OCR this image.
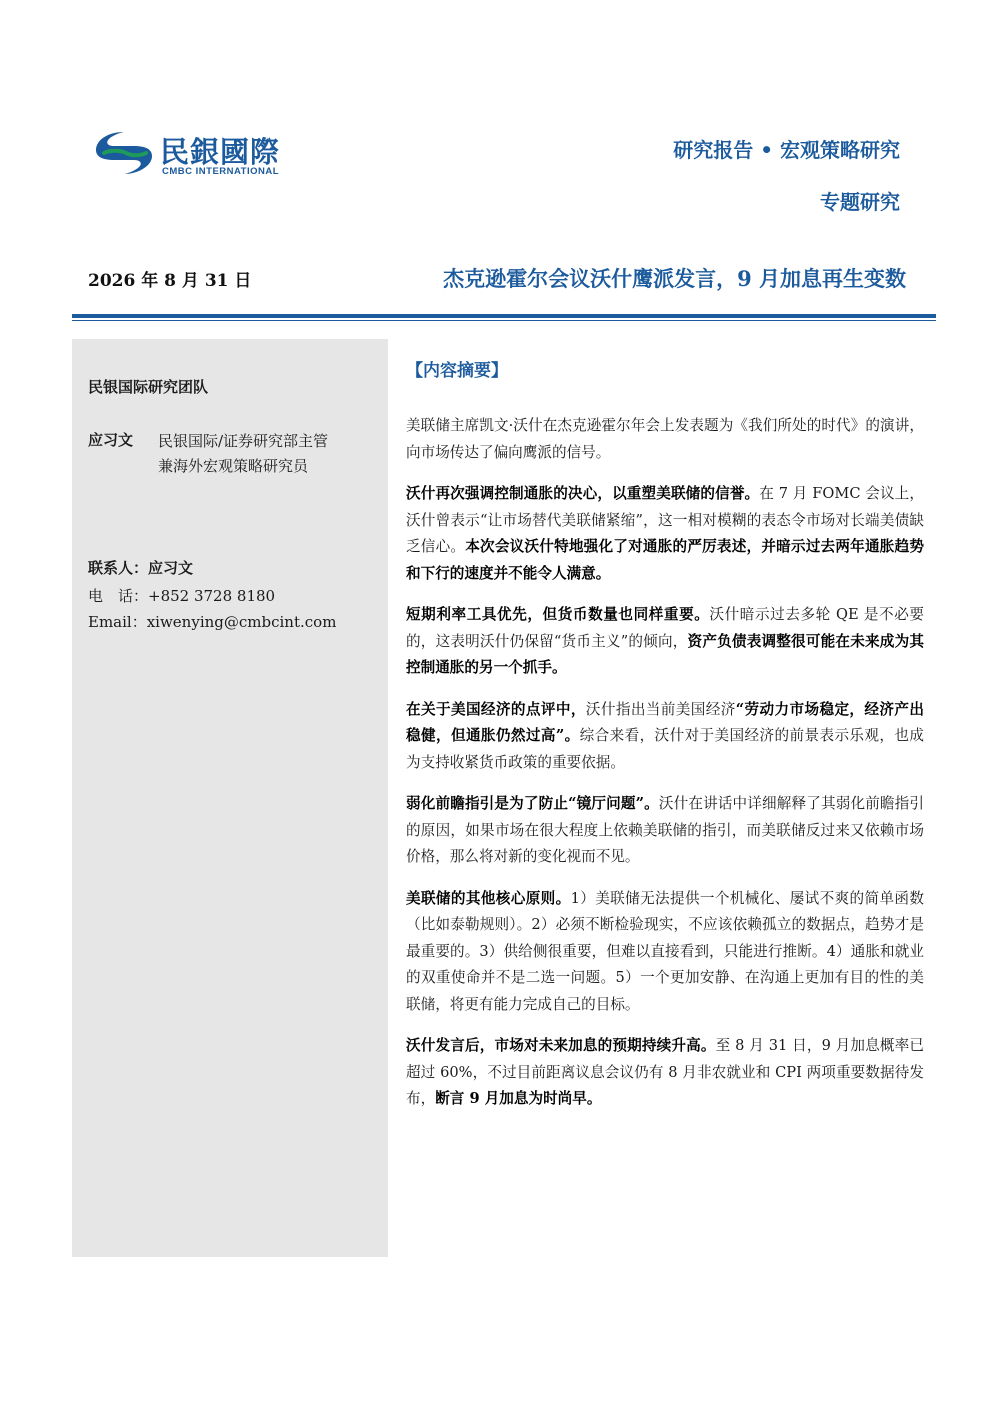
民銀國際
CMBC INTERNATIONAL
研究报告 • 宏观策略研究
专题研究
2026 年 8 月 31 日	杰克逊霍尔会议沃什鹰派发言，9 月加息再生变数
民银国际研究团队
应习文 民银国际/证券研究部主管
兼海外宏观策略研究员
联系人：应习文
电　话：+852 3728 8180
Email：xiwenying@cmbcint.com
【内容摘要】

美联储主席凯文·沃什在杰克逊霍尔年会上发表题为《我们所处的时代》的演讲，向市场传达了偏向鹰派的信号。

沃什再次强调控制通胀的决心，以重塑美联储的信誉。在 7 月 FOMC 会议上，沃什曾表示“让市场替代美联储紧缩”，这一相对模糊的表态令市场对长端美债缺乏信心。本次会议沃什特地强化了对通胀的严厉表述，并暗示过去两年通胀趋势和下行的速度并不能令人满意。

短期利率工具优先，但货币数量也同样重要。沃什暗示过去多轮 QE 是不必要的，这表明沃什仍保留“货币主义”的倾向，资产负债表调整很可能在未来成为其控制通胀的另一个抓手。

在关于美国经济的点评中，沃什指出当前美国经济“劳动力市场稳定，经济产出稳健，但通胀仍然过高”。综合来看，沃什对于美国经济的前景表示乐观，也成为支持收紧货币政策的重要依据。

弱化前瞻指引是为了防止“镜厅问题”。沃什在讲话中详细解释了其弱化前瞻指引的原因，如果市场在很大程度上依赖美联储的指引，而美联储反过来又依赖市场价格，那么将对新的变化视而不见。

美联储的其他核心原则。1）美联储无法提供一个机械化、屡试不爽的简单函数（比如泰勒规则）。2）必须不断检验现实，不应该依赖孤立的数据点，趋势才是最重要的。3）供给侧很重要，但难以直接看到，只能进行推断。4）通胀和就业的双重使命并不是二选一问题。5）一个更加安静、在沟通上更加有目的性的美联储，将更有能力完成自己的目标。

沃什发言后，市场对未来加息的预期持续升高。至 8 月 31 日，9 月加息概率已超过 60%，不过目前距离议息会议仍有 8 月非农就业和 CPI 两项重要数据待发布，断言 9 月加息为时尚早。
